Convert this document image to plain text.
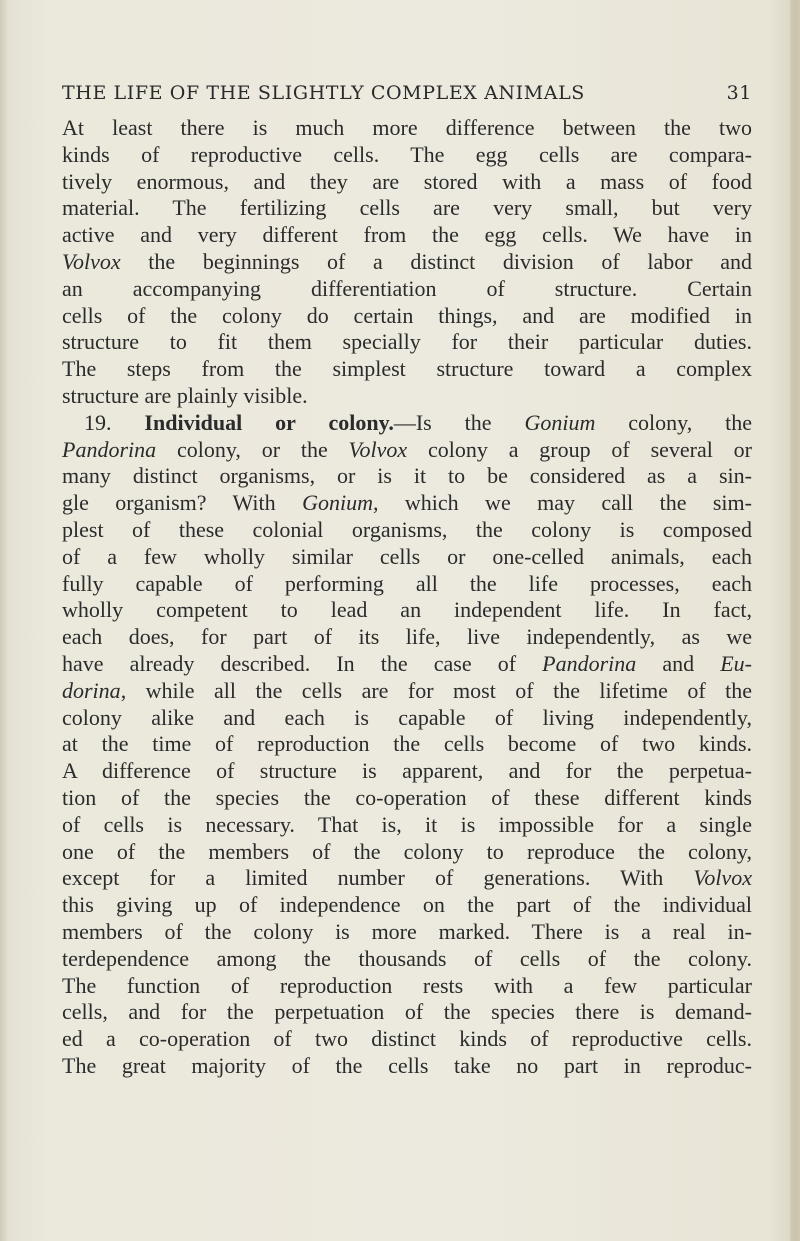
THE LIFE OF THE SLIGHTLY COMPLEX ANIMALS	31
At least there is much more difference between the two
kinds of reproductive cells. The egg cells are compara-
tively enormous, and they are stored with a mass of food
material. The fertilizing cells are very small, but very
active and very different from the egg cells. We have in
Volvox the beginnings of a distinct division of labor and
an accompanying differentiation of structure. Certain
cells of the colony do certain things, and are modified in
structure to fit them specially for their particular duties.
The steps from the simplest structure toward a complex
structure are plainly visible.
19. Individual or colony.—Is the Gonium colony, the
Pandorina colony, or the Volvox colony a group of several or
many distinct organisms, or is it to be considered as a sin-
gle organism? With Gonium, which we may call the sim-
plest of these colonial organisms, the colony is composed
of a few wholly similar cells or one-celled animals, each
fully capable of performing all the life processes, each
wholly competent to lead an independent life. In fact,
each does, for part of its life, live independently, as we
have already described. In the case of Pandorina and Eu-
dorina, while all the cells are for most of the lifetime of the
colony alike and each is capable of living independently,
at the time of reproduction the cells become of two kinds.
A difference of structure is apparent, and for the perpetua-
tion of the species the co-operation of these different kinds
of cells is necessary. That is, it is impossible for a single
one of the members of the colony to reproduce the colony,
except for a limited number of generations. With Volvox
this giving up of independence on the part of the individual
members of the colony is more marked. There is a real in-
terdependence among the thousands of cells of the colony.
The function of reproduction rests with a few particular
cells, and for the perpetuation of the species there is demand-
ed a co-operation of two distinct kinds of reproductive cells.
The great majority of the cells take no part in reproduc-
